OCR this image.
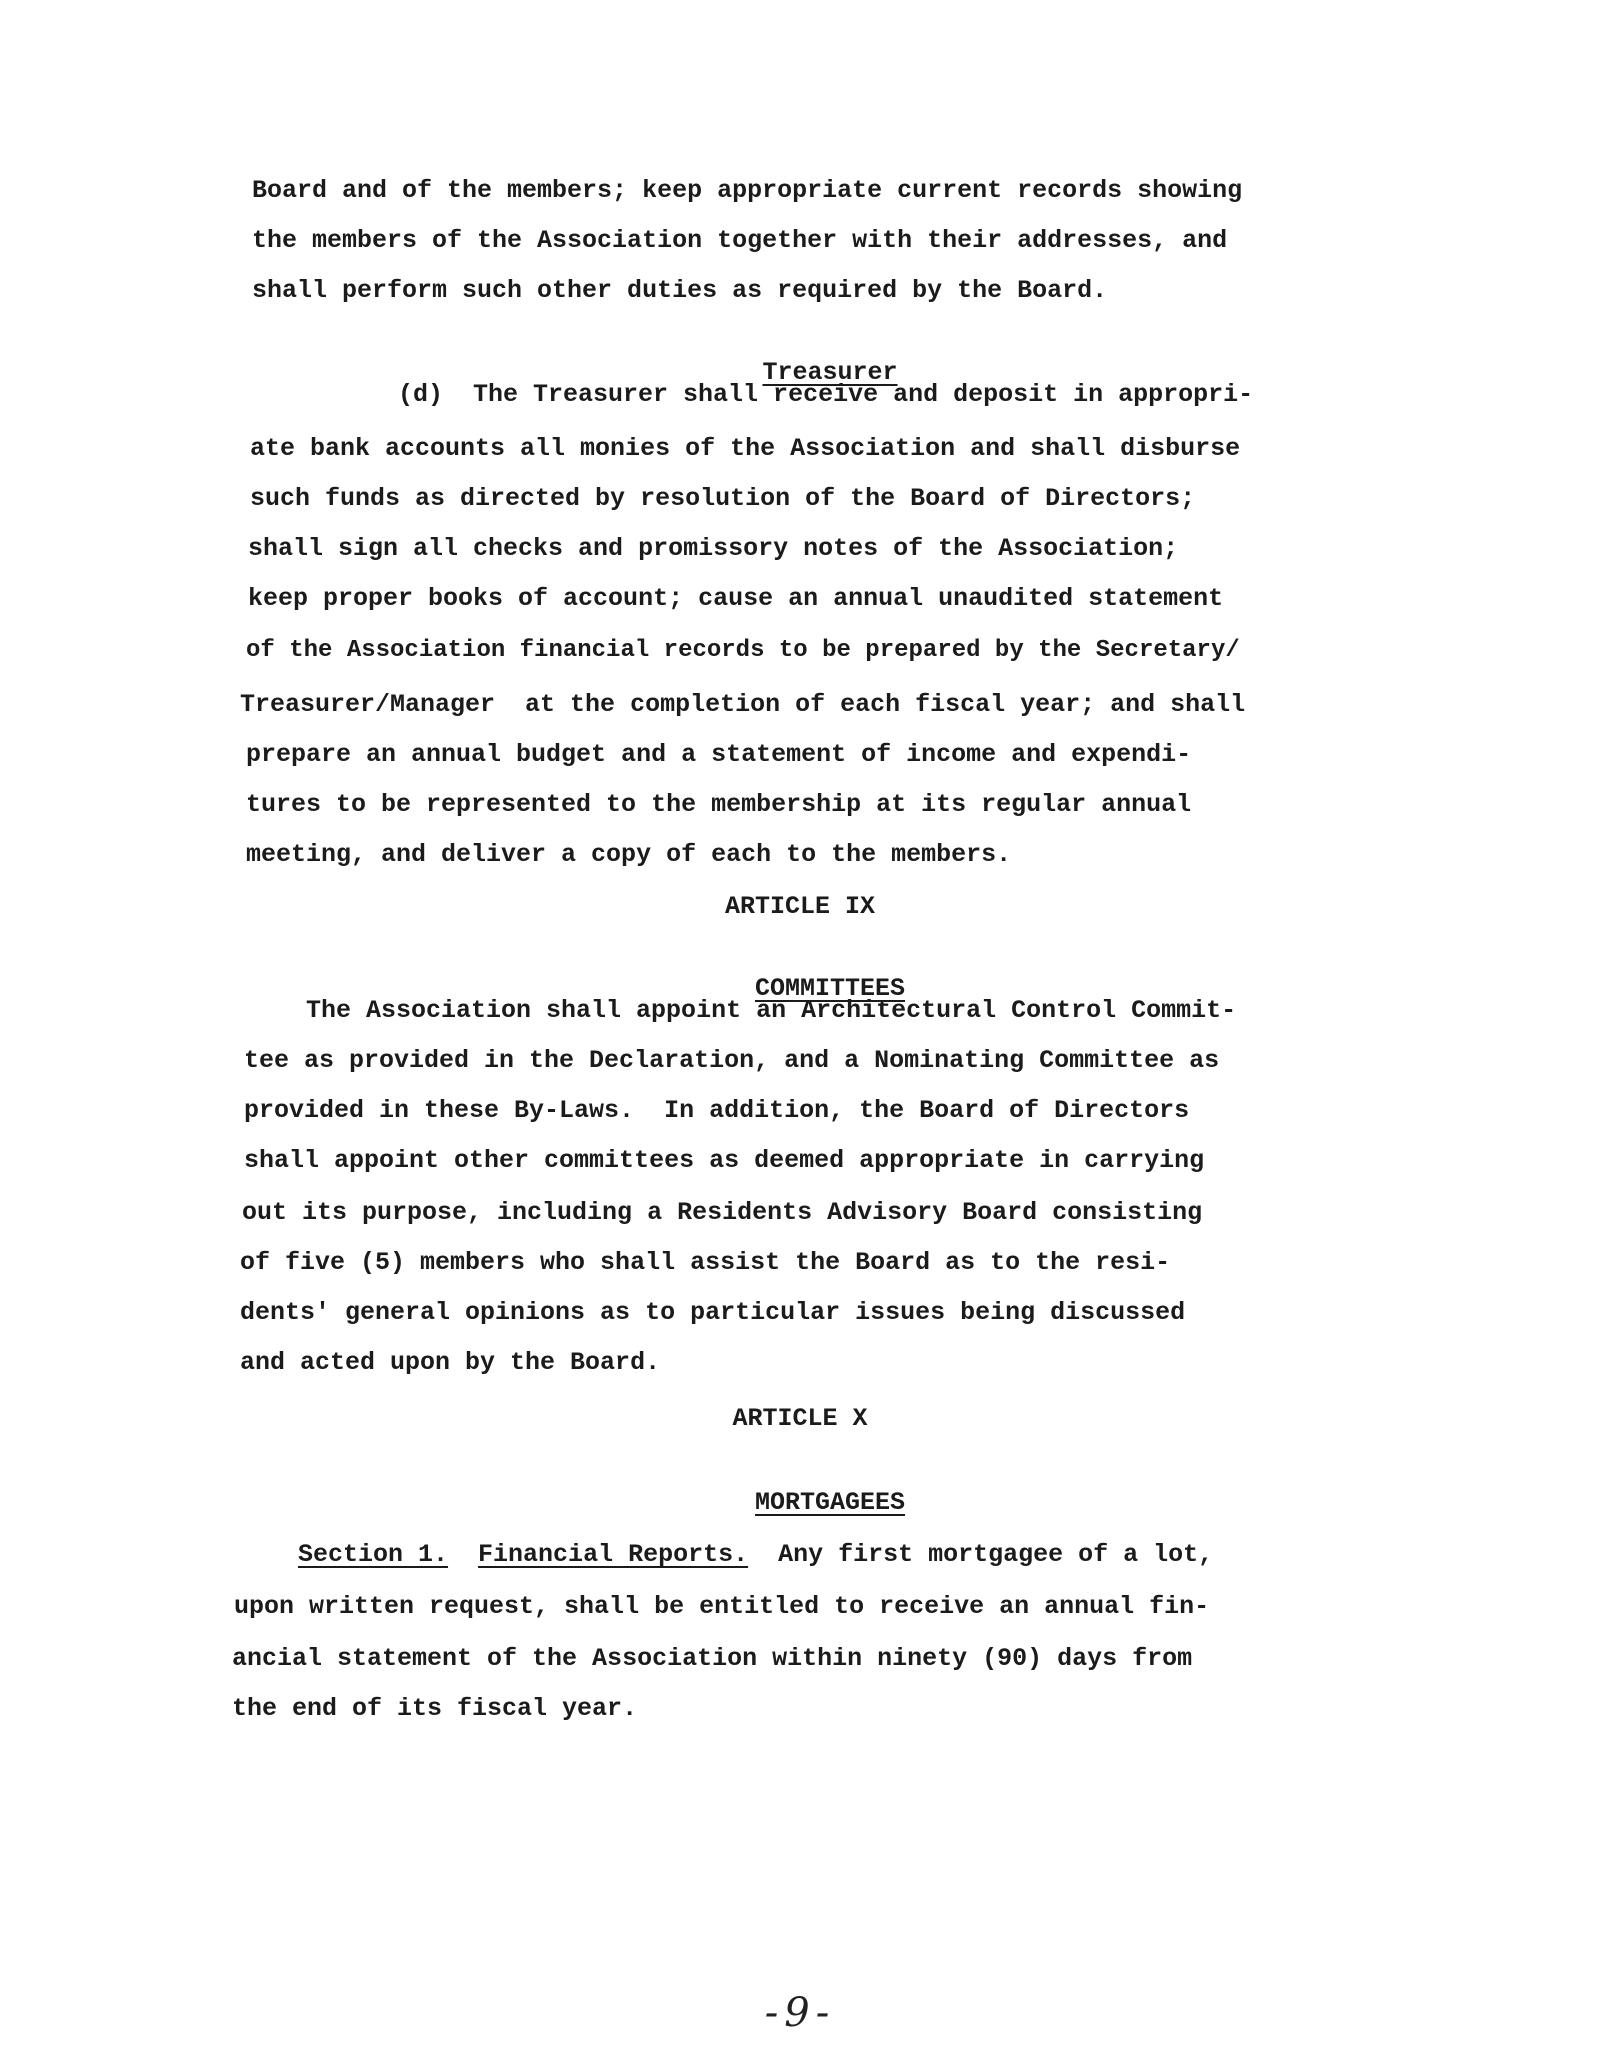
Board and of the members; keep appropriate current records showing
the members of the Association together with their addresses, and
shall perform such other duties as required by the Board.

Treasurer

(d)  The Treasurer shall receive and deposit in appropri-
ate bank accounts all monies of the Association and shall disburse
such funds as directed by resolution of the Board of Directors;
shall sign all checks and promissory notes of the Association;
keep proper books of account; cause an annual unaudited statement
of the Association financial records to be prepared by the Secretary/
Treasurer/Manager  at the completion of each fiscal year; and shall
prepare an annual budget and a statement of income and expendi-
tures to be represented to the membership at its regular annual
meeting, and deliver a copy of each to the members.
ARTICLE IX

COMMITTEES

The Association shall appoint an Architectural Control Commit-
tee as provided in the Declaration, and a Nominating Committee as
provided in these By-Laws.  In addition, the Board of Directors
shall appoint other committees as deemed appropriate in carrying
out its purpose, including a Residents Advisory Board consisting
of five (5) members who shall assist the Board as to the resi-
dents' general opinions as to particular issues being discussed
and acted upon by the Board.
ARTICLE X

MORTGAGEES

Section 1. Financial Reports.  Any first mortgagee of a lot,
upon written request, shall be entitled to receive an annual fin-
ancial statement of the Association within ninety (90) days from
the end of its fiscal year.
-9-
